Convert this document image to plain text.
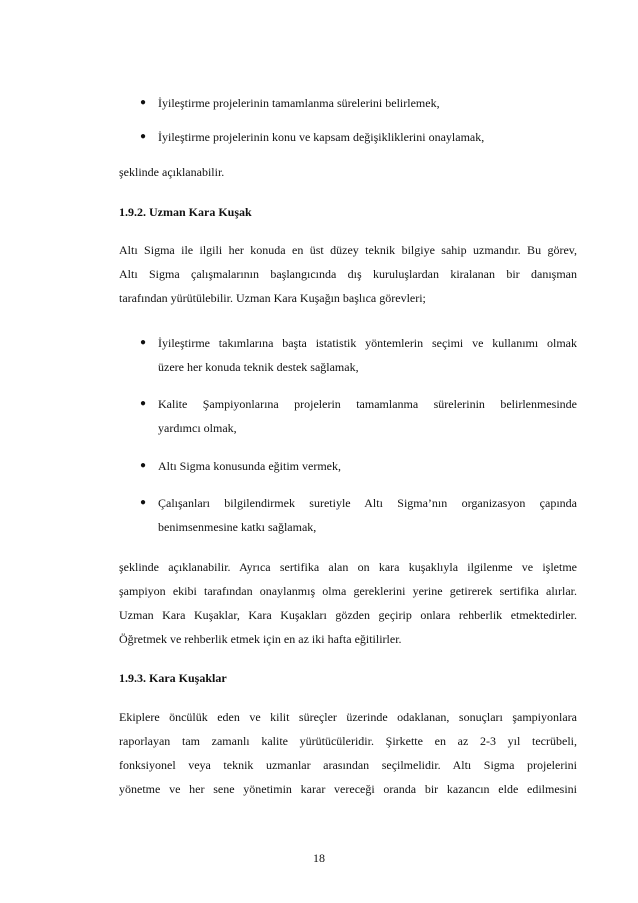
● İyileştirme projelerinin tamamlanma sürelerini belirlemek,
● İyileştirme projelerinin konu ve kapsam değişikliklerini onaylamak,
şeklinde açıklanabilir.
1.9.2. Uzman Kara Kuşak
Altı Sigma ile ilgili her konuda en üst düzey teknik bilgiye sahip uzmandır. Bu görev,
Altı Sigma çalışmalarının başlangıcında dış kuruluşlardan kiralanan bir danışman
tarafından yürütülebilir. Uzman Kara Kuşağın başlıca görevleri;
● İyileştirme takımlarına başta istatistik yöntemlerin seçimi ve kullanımı olmak
üzere her konuda teknik destek sağlamak,
● Kalite Şampiyonlarına projelerin tamamlanma sürelerinin belirlenmesinde
yardımcı olmak,
● Altı Sigma konusunda eğitim vermek,
● Çalışanları bilgilendirmek suretiyle Altı Sigma’nın organizasyon çapında
benimsenmesine katkı sağlamak,
şeklinde açıklanabilir. Ayrıca sertifika alan on kara kuşaklıyla ilgilenme ve işletme
şampiyon ekibi tarafından onaylanmış olma gereklerini yerine getirerek sertifika alırlar.
Uzman Kara Kuşaklar, Kara Kuşakları gözden geçirip onlara rehberlik etmektedirler.
Öğretmek ve rehberlik etmek için en az iki hafta eğitilirler.
1.9.3. Kara Kuşaklar
Ekiplere öncülük eden ve kilit süreçler üzerinde odaklanan, sonuçları şampiyonlara
raporlayan tam zamanlı kalite yürütücüleridir. Şirkette en az 2-3 yıl tecrübeli,
fonksiyonel veya teknik uzmanlar arasından seçilmelidir. Altı Sigma projelerini
yönetme ve her sene yönetimin karar vereceği oranda bir kazancın elde edilmesini
18
